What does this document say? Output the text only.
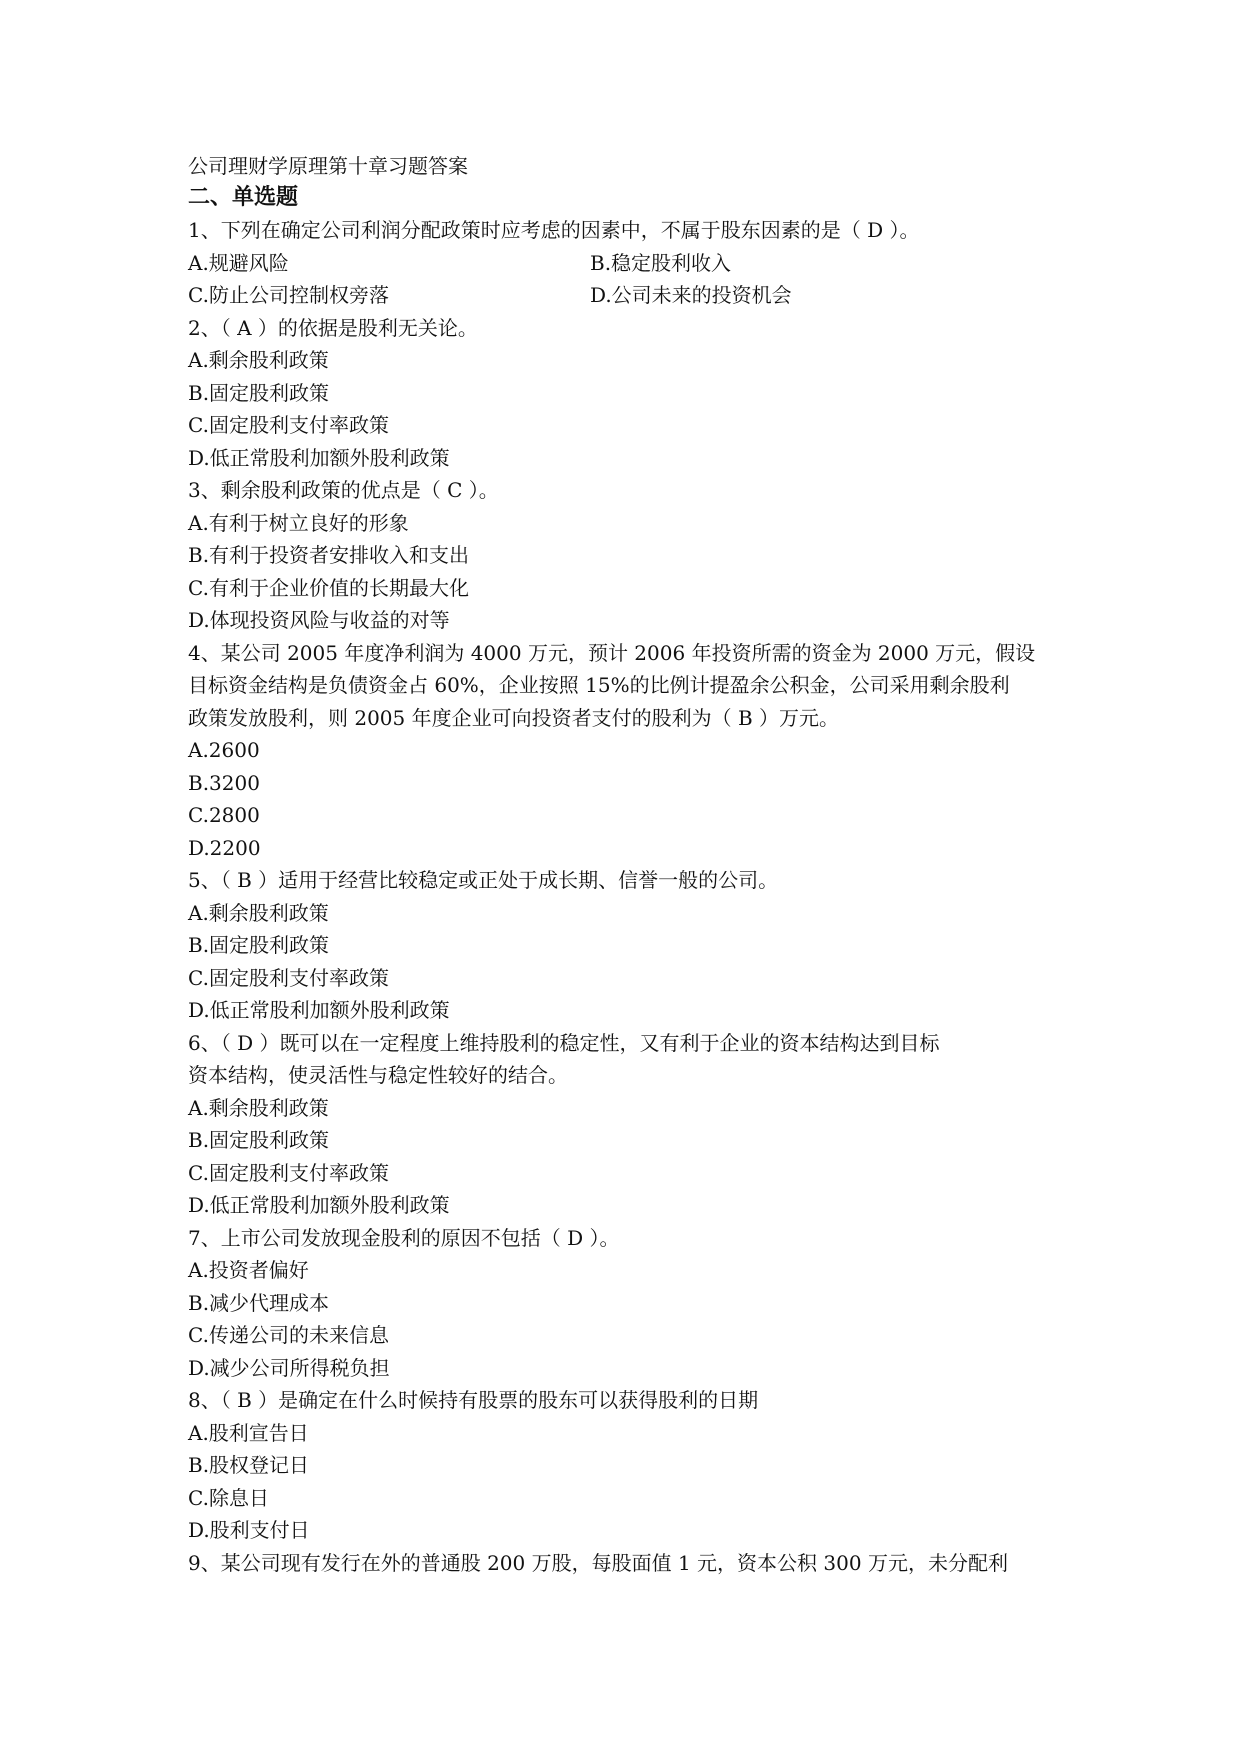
公司理财学原理第十章习题答案
二、单选题
1、下列在确定公司利润分配政策时应考虑的因素中，不属于股东因素的是（ D ）。
A.规避风险	B.稳定股利收入
C.防止公司控制权旁落	D.公司未来的投资机会
2、（ A ）的依据是股利无关论。
A.剩余股利政策
B.固定股利政策
C.固定股利支付率政策
D.低正常股利加额外股利政策
3、剩余股利政策的优点是（ C ）。
A.有利于树立良好的形象
B.有利于投资者安排收入和支出
C.有利于企业价值的长期最大化
D.体现投资风险与收益的对等
4、某公司 2005 年度净利润为 4000 万元，预计 2006 年投资所需的资金为 2000 万元，假设
目标资金结构是负债资金占 60%，企业按照 15%的比例计提盈余公积金，公司采用剩余股利
政策发放股利，则 2005 年度企业可向投资者支付的股利为（ B ）万元。
A.2600
B.3200
C.2800
D.2200
5、（ B ）适用于经营比较稳定或正处于成长期、信誉一般的公司。
A.剩余股利政策
B.固定股利政策
C.固定股利支付率政策
D.低正常股利加额外股利政策
6、（ D ）既可以在一定程度上维持股利的稳定性，又有利于企业的资本结构达到目标
资本结构，使灵活性与稳定性较好的结合。
A.剩余股利政策
B.固定股利政策
C.固定股利支付率政策
D.低正常股利加额外股利政策
7、上市公司发放现金股利的原因不包括（ D ）。
A.投资者偏好
B.减少代理成本
C.传递公司的未来信息
D.减少公司所得税负担
8、（ B ）是确定在什么时候持有股票的股东可以获得股利的日期
A.股利宣告日
B.股权登记日
C.除息日
D.股利支付日
9、某公司现有发行在外的普通股 200 万股，每股面值 1 元，资本公积 300 万元，未分配利
